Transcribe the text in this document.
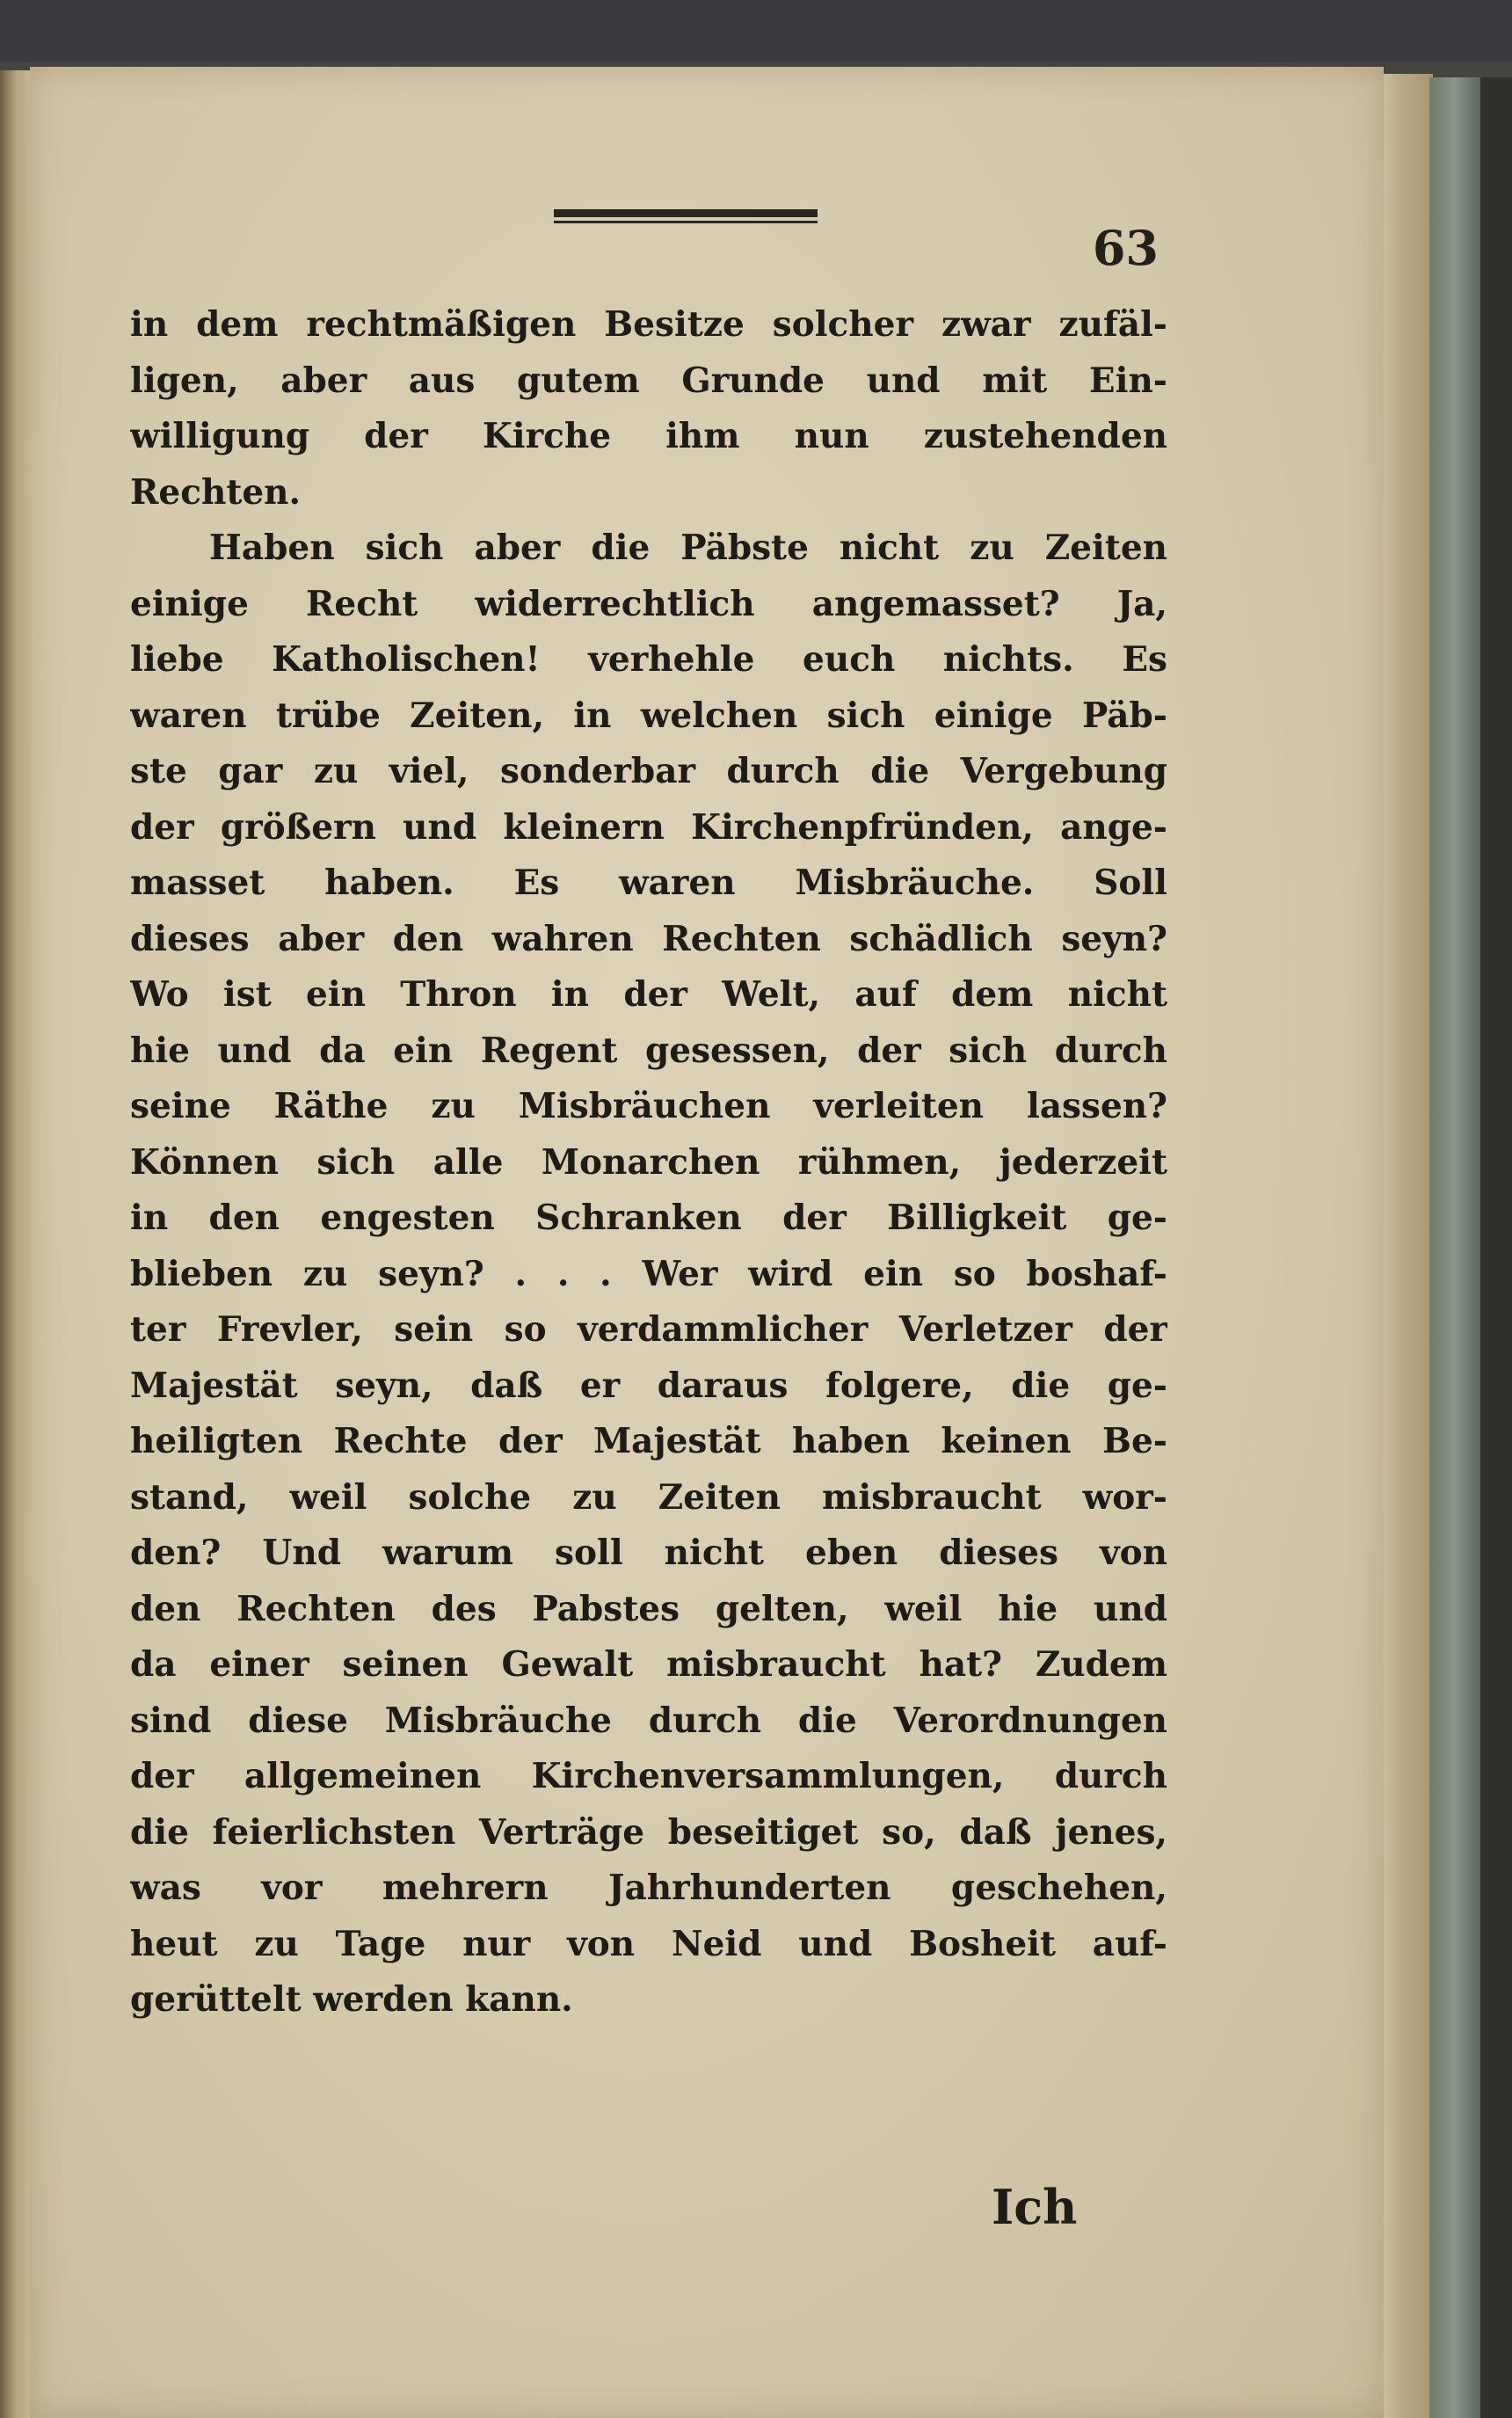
63
in dem rechtmäßigen Besitze solcher zwar zufäl-
ligen, aber aus gutem Grunde und mit Ein-
willigung der Kirche ihm nun zustehenden
Rechten.
Haben sich aber die Päbste nicht zu Zeiten
einige Recht widerrechtlich angemasset? Ja,
liebe Katholischen! verhehle euch nichts. Es
waren trübe Zeiten, in welchen sich einige Päb-
ste gar zu viel, sonderbar durch die Vergebung
der größern und kleinern Kirchenpfründen, ange-
masset haben. Es waren Misbräuche. Soll
dieses aber den wahren Rechten schädlich seyn?
Wo ist ein Thron in der Welt, auf dem nicht
hie und da ein Regent gesessen, der sich durch
seine Räthe zu Misbräuchen verleiten lassen?
Können sich alle Monarchen rühmen, jederzeit
in den engesten Schranken der Billigkeit ge-
blieben zu seyn? . . . Wer wird ein so boshaf-
ter Frevler, sein so verdammlicher Verletzer der
Majestät seyn, daß er daraus folgere, die ge-
heiligten Rechte der Majestät haben keinen Be-
stand, weil solche zu Zeiten misbraucht wor-
den? Und warum soll nicht eben dieses von
den Rechten des Pabstes gelten, weil hie und
da einer seinen Gewalt misbraucht hat? Zudem
sind diese Misbräuche durch die Verordnungen
der allgemeinen Kirchenversammlungen, durch
die feierlichsten Verträge beseitiget so, daß jenes,
was vor mehrern Jahrhunderten geschehen,
heut zu Tage nur von Neid und Bosheit auf-
gerüttelt werden kann.
Ich
